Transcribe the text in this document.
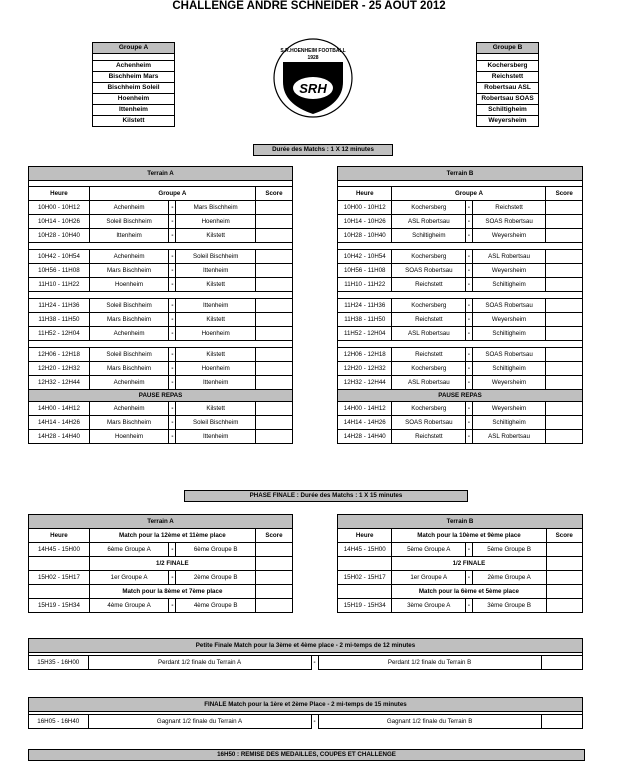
CHALLENGE ANDRE SCHNEIDER - 25 AOUT 2012
Groupe A

Achenheim
Bischheim Mars
Bischheim Soleil
Hoenheim
Ittenheim
Kilstett
Groupe B

Kochersberg
Reichstett
Robertsau ASL
Robertsau SOAS
Schiltigheim
Weyersheim
S.R.HOENHEIM FOOTBALL
1928
SRH
Durée des Matchs : 1 X 12 minutes
Terrain A				

Heure	Groupe A			Score
10H00 - 10H12	Achenheim	-	Mars Bischheim	
10H14 - 10H26	Soleil Bischheim	-	Hoenheim	
10H28 - 10H40	Ittenheim	-	Kilstett	

10H42 - 10H54	Achenheim	-	Soleil Bischheim	
10H56 - 11H08	Mars Bischheim	-	Ittenheim	
11H10 - 11H22	Hoenheim	-	Kilstett	

11H24 - 11H36	Soleil Bischheim	-	Ittenheim	
11H38 - 11H50	Mars Bischheim	-	Kilstett	
11H52 - 12H04	Achenheim	-	Hoenheim	

12H06 - 12H18	Soleil Bischheim	-	Kilstett	
12H20 - 12H32	Mars Bischheim	-	Hoenheim	
12H32 - 12H44	Achenheim	-	Ittenheim	
PAUSE REPAS				
14H00 - 14H12	Achenheim	-	Kilstett	
14H14 - 14H26	Mars Bischheim	-	Soleil Bischheim	
14H28 - 14H40	Hoenheim	-	Ittenheim	
Terrain B				

Heure	Groupe A			Score
10H00 - 10H12	Kochersberg	-	Reichstett	
10H14 - 10H26	ASL Robertsau	-	SOAS Robertsau	
10H28 - 10H40	Schiltigheim	-	Weyersheim	

10H42 - 10H54	Kochersberg	-	ASL Robertsau	
10H56 - 11H08	SOAS Robertsau	-	Weyersheim	
11H10 - 11H22	Reichstett	-	Schiltigheim	

11H24 - 11H36	Kochersberg	-	SOAS Robertsau	
11H38 - 11H50	Reichstett	-	Weyersheim	
11H52 - 12H04	ASL Robertsau	-	Schiltigheim	

12H06 - 12H18	Reichstett	-	SOAS Robertsau	
12H20 - 12H32	Kochersberg	-	Schiltigheim	
12H32 - 12H44	ASL Robertsau	-	Weyersheim	
PAUSE REPAS				
14H00 - 14H12	Kochersberg	-	Weyersheim	
14H14 - 14H26	SOAS Robertsau	-	Schiltigheim	
14H28 - 14H40	Reichstett	-	ASL Robertsau	
PHASE FINALE : Durée des Matchs : 1 X 15 minutes
Terrain A				
Heure	Match pour la 12ème et 11ème place			Score
14H45 - 15H00	6ème Groupe A	-	6ème Groupe B	
	1/2 FINALE			
15H02 - 15H17	1er Groupe A	-	2ème Groupe B	
	Match pour la 8ème et 7ème place			
15H19 - 15H34	4ème Groupe A	-	4ème Groupe B	
Terrain B				
Heure	Match pour la 10ème et 9ème place			Score
14H45 - 15H00	5ème Groupe A	-	5ème Groupe B	
	1/2 FINALE			
15H02 - 15H17	1er Groupe A	-	2ème Groupe A	
	Match pour la 6ème et 5ème place			
15H19 - 15H34	3ème Groupe A	-	3ème Groupe B	
Petite Finale Match pour la 3ème et 4ème place - 2 mi-temps de 12 minutes

15H35 - 16H00	Perdant 1/2 finale du Terrain A	-	Perdant 1/2 finale du Terrain B	
FINALE Match pour la 1ère et 2ème Place - 2 mi-temps de 15 minutes

16H05 - 16H40	Gagnant 1/2 finale du Terrain A	-	Gagnant 1/2 finale du Terrain B	
16H50 : REMISE DES MEDAILLES, COUPES ET CHALLENGE
